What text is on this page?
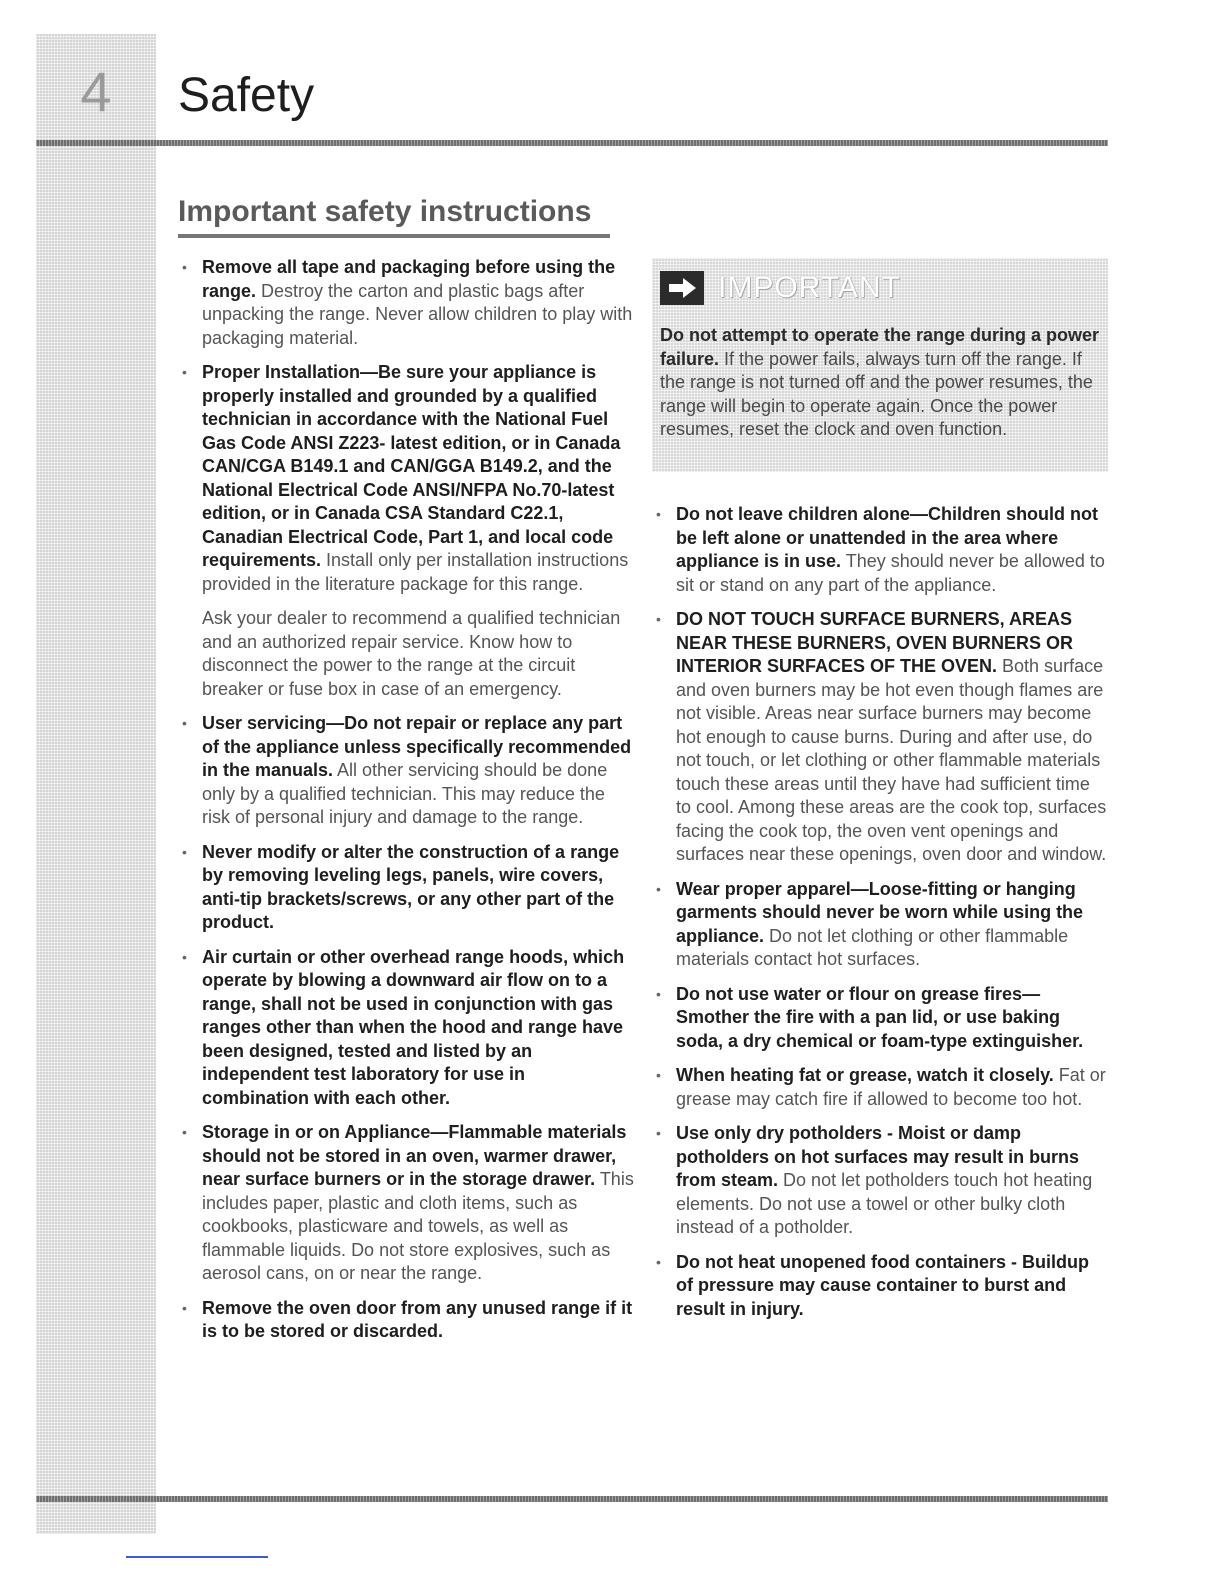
4	Safety
Important safety instructions
• Remove all tape and packaging before using the range. Destroy the carton and plastic bags after unpacking the range. Never allow children to play with packaging material.
• Proper Installation—Be sure your appliance is properly installed and grounded by a qualified technician in accordance with the National Fuel Gas Code ANSI Z223- latest edition, or in Canada CAN/CGA B149.1 and CAN/GGA B149.2, and the National Electrical Code ANSI/NFPA No.70-latest edition, or in Canada CSA Standard C22.1, Canadian Electrical Code, Part 1, and local code requirements. Install only per installation instructions provided in the literature package for this range.
Ask your dealer to recommend a qualified technician and an authorized repair service. Know how to disconnect the power to the range at the circuit breaker or fuse box in case of an emergency.
• User servicing—Do not repair or replace any part of the appliance unless specifically recommended in the manuals. All other servicing should be done only by a qualified technician. This may reduce the risk of personal injury and damage to the range.
• Never modify or alter the construction of a range by removing leveling legs, panels, wire covers, anti-tip brackets/screws, or any other part of the product.
• Air curtain or other overhead range hoods, which operate by blowing a downward air flow on to a range, shall not be used in conjunction with gas ranges other than when the hood and range have been designed, tested and listed by an independent test laboratory for use in combination with each other.
• Storage in or on Appliance—Flammable materials should not be stored in an oven, warmer drawer, near surface burners or in the storage drawer. This includes paper, plastic and cloth items, such as cookbooks, plasticware and towels, as well as flammable liquids. Do not store explosives, such as aerosol cans, on or near the range.
• Remove the oven door from any unused range if it is to be stored or discarded.
IMPORTANT
Do not attempt to operate the range during a power failure. If the power fails, always turn off the range. If the range is not turned off and the power resumes, the range will begin to operate again. Once the power resumes, reset the clock and oven function.
• Do not leave children alone—Children should not be left alone or unattended in the area where appliance is in use. They should never be allowed to sit or stand on any part of the appliance.
• DO NOT TOUCH SURFACE BURNERS, AREAS NEAR THESE BURNERS, OVEN BURNERS OR INTERIOR SURFACES OF THE OVEN. Both surface and oven burners may be hot even though flames are not visible. Areas near surface burners may become hot enough to cause burns. During and after use, do not touch, or let clothing or other flammable materials touch these areas until they have had sufficient time to cool. Among these areas are the cook top, surfaces facing the cook top, the oven vent openings and surfaces near these openings, oven door and window.
• Wear proper apparel—Loose-fitting or hanging garments should never be worn while using the appliance. Do not let clothing or other flammable materials contact hot surfaces.
• Do not use water or flour on grease fires—Smother the fire with a pan lid, or use baking soda, a dry chemical or foam-type extinguisher.
• When heating fat or grease, watch it closely. Fat or grease may catch fire if allowed to become too hot.
• Use only dry potholders - Moist or damp potholders on hot surfaces may result in burns from steam. Do not let potholders touch hot heating elements. Do not use a towel or other bulky cloth instead of a potholder.
• Do not heat unopened food containers - Buildup of pressure may cause container to burst and result in injury.
